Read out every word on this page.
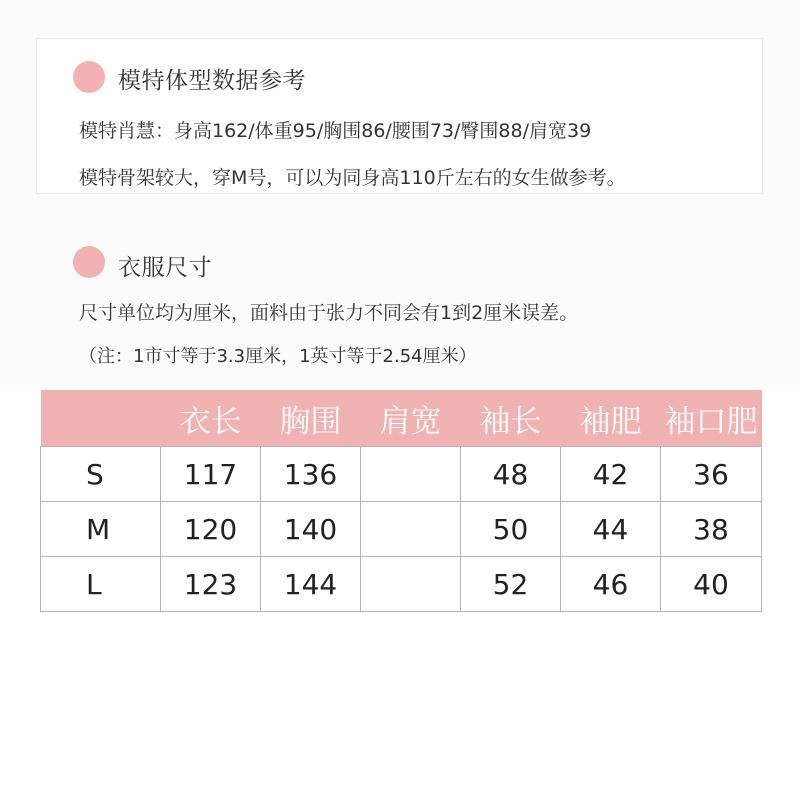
模特体型数据参考
模特肖慧：身高162/体重95/胸围86/腰围73/臀围88/肩宽39
模特骨架较大，穿M号，可以为同身高110斤左右的女生做参考。
衣服尺寸
尺寸单位均为厘米，面料由于张力不同会有1到2厘米误差。
（注：1市寸等于3.3厘米，1英寸等于2.54厘米）
	衣长	胸围	肩宽	袖长	袖肥	袖口肥
S	117	136		48	42	36
M	120	140		50	44	38
L	123	144		52	46	40
